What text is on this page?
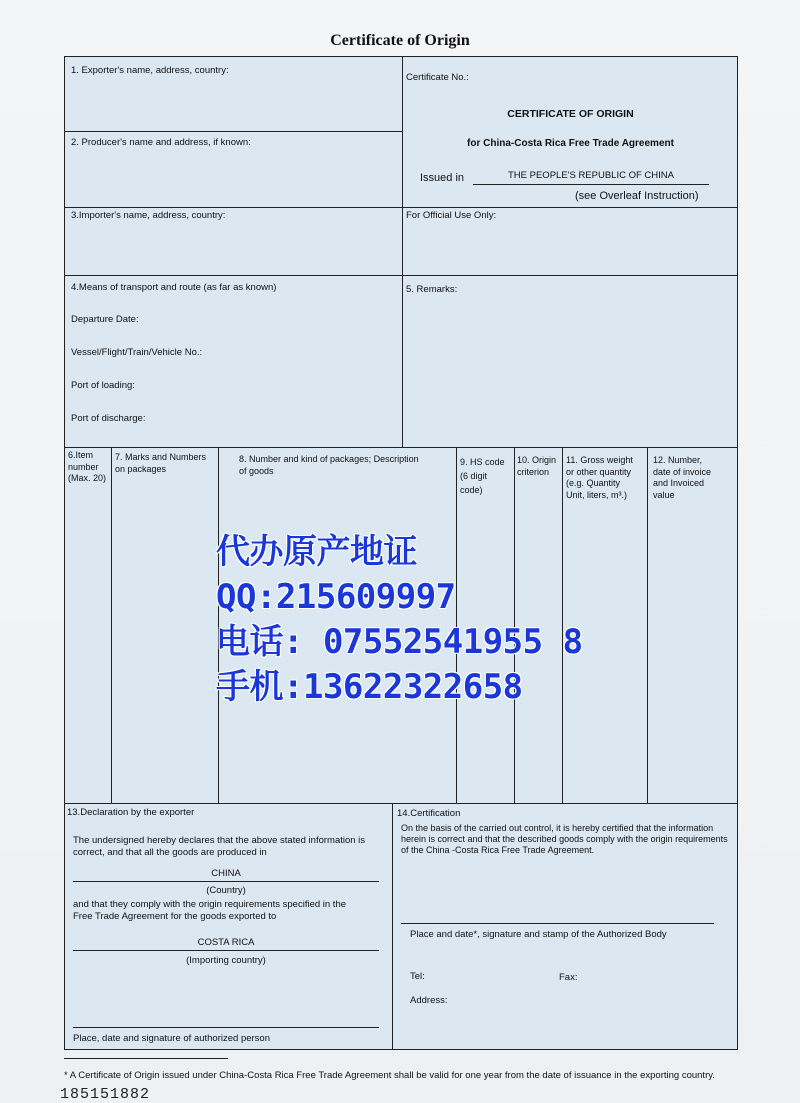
Certificate of Origin
1. Exporter's name, address, country:
Certificate No.:
CERTIFICATE OF ORIGIN
for China-Costa Rica Free Trade Agreement
Issued in	THE PEOPLE'S REPUBLIC OF CHINA
(see Overleaf Instruction)
2. Producer's name and address, if known:
3.Importer's name, address, country:	For Official Use Only:
4.Means of transport and route (as far as known)
Departure Date:
Vessel/Flight/Train/Vehicle No.:
Port of loading:
Port of discharge:
5. Remarks:
6.Item
number
(Max. 20)
7. Marks and Numbers
on packages
8. Number and kind of packages; Description
of goods
9. HS code
(6 digit
code)
10. Origin
criterion
11. Gross weight
or other quantity
(e.g. Quantity
Unit, liters, m³.)
12. Number,
date of invoice
and Invoiced
value
13.Declaration by the exporter
The undersigned hereby declares that the above stated information is
correct, and that all the goods are produced in
CHINA
(Country)
and that they comply with the origin requirements specified in the
Free Trade Agreement for the goods exported to
COSTA RICA
(Importing country)
Place, date and signature of authorized person
14.Certification
On the basis of the carried out control, it is hereby certified that the information
herein is correct and that the described goods comply with the origin requirements
of the China -Costa Rica Free Trade Agreement.
Place and date*, signature and stamp of the Authorized Body
Tel:	Fax:
Address:
代办原产地证
QQ:215609997
电话: 07552541955 8
手机:13622322658
* A Certificate of Origin issued under China-Costa Rica Free Trade Agreement shall be valid for one year from the date of issuance in the exporting country.
185151882
